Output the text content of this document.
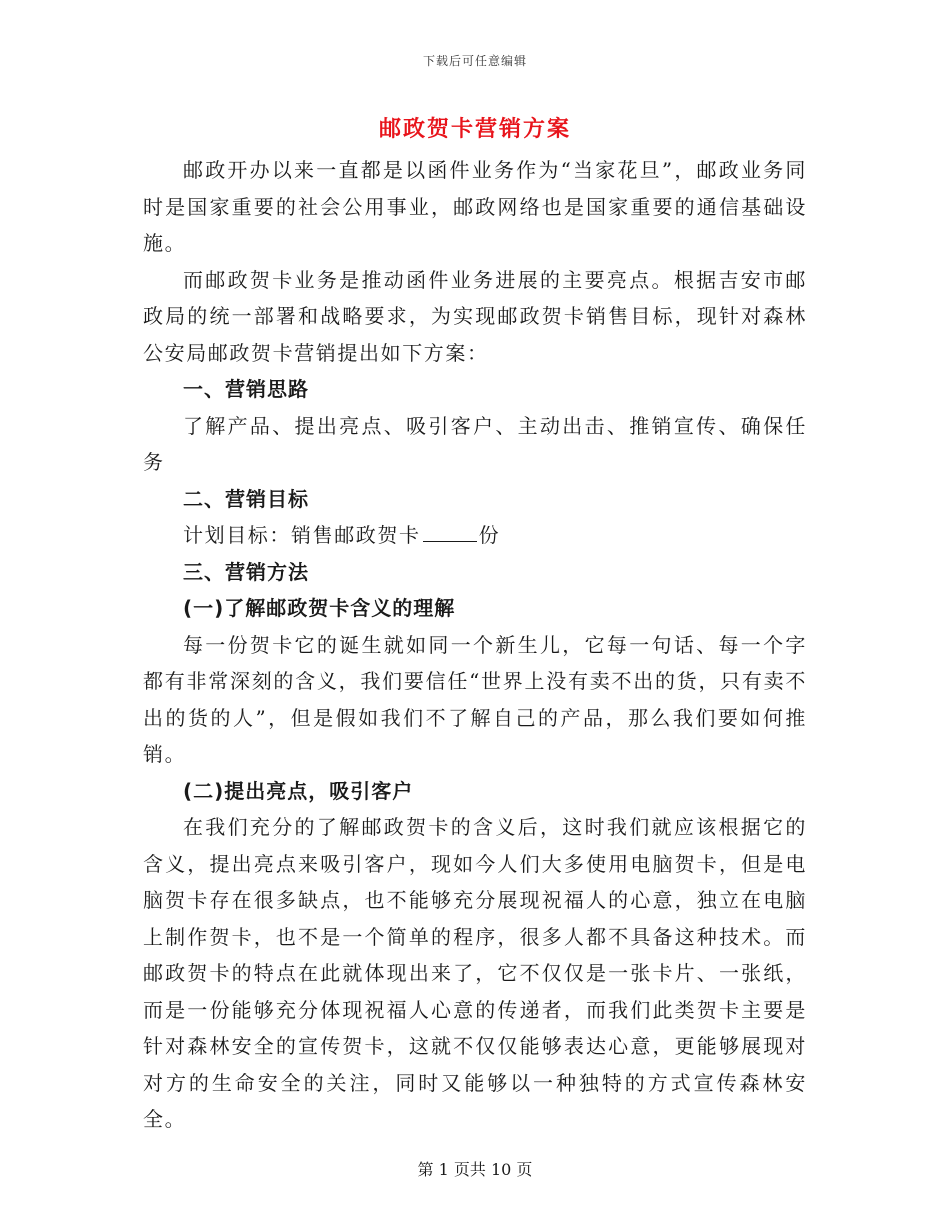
下载后可任意编辑
邮政贺卡营销方案

邮政开办以来一直都是以函件业务作为“当家花旦”，邮政业务同时是国家重要的社会公用事业，邮政网络也是国家重要的通信基础设施。

而邮政贺卡业务是推动函件业务进展的主要亮点。根据吉安市邮政局的统一部署和战略要求，为实现邮政贺卡销售目标，现针对森林公安局邮政贺卡营销提出如下方案：

一、营销思路

了解产品、提出亮点、吸引客户、主动出击、推销宣传、确保任务

二、营销目标

计划目标：销售邮政贺卡	份

三、营销方法

(一)了解邮政贺卡含义的理解

每一份贺卡它的诞生就如同一个新生儿，它每一句话、每一个字都有非常深刻的含义，我们要信任“世界上没有卖不出的货，只有卖不出的货的人”，但是假如我们不了解自己的产品，那么我们要如何推销。

(二)提出亮点，吸引客户

在我们充分的了解邮政贺卡的含义后，这时我们就应该根据它的含义，提出亮点来吸引客户，现如今人们大多使用电脑贺卡，但是电脑贺卡存在很多缺点，也不能够充分展现祝福人的心意，独立在电脑上制作贺卡，也不是一个简单的程序，很多人都不具备这种技术。而邮政贺卡的特点在此就体现出来了，它不仅仅是一张卡片、一张纸，而是一份能够充分体现祝福人心意的传递者，而我们此类贺卡主要是针对森林安全的宣传贺卡，这就不仅仅能够表达心意，更能够展现对对方的生命安全的关注，同时又能够以一种独特的方式宣传森林安全。

第 1 页共 10 页
